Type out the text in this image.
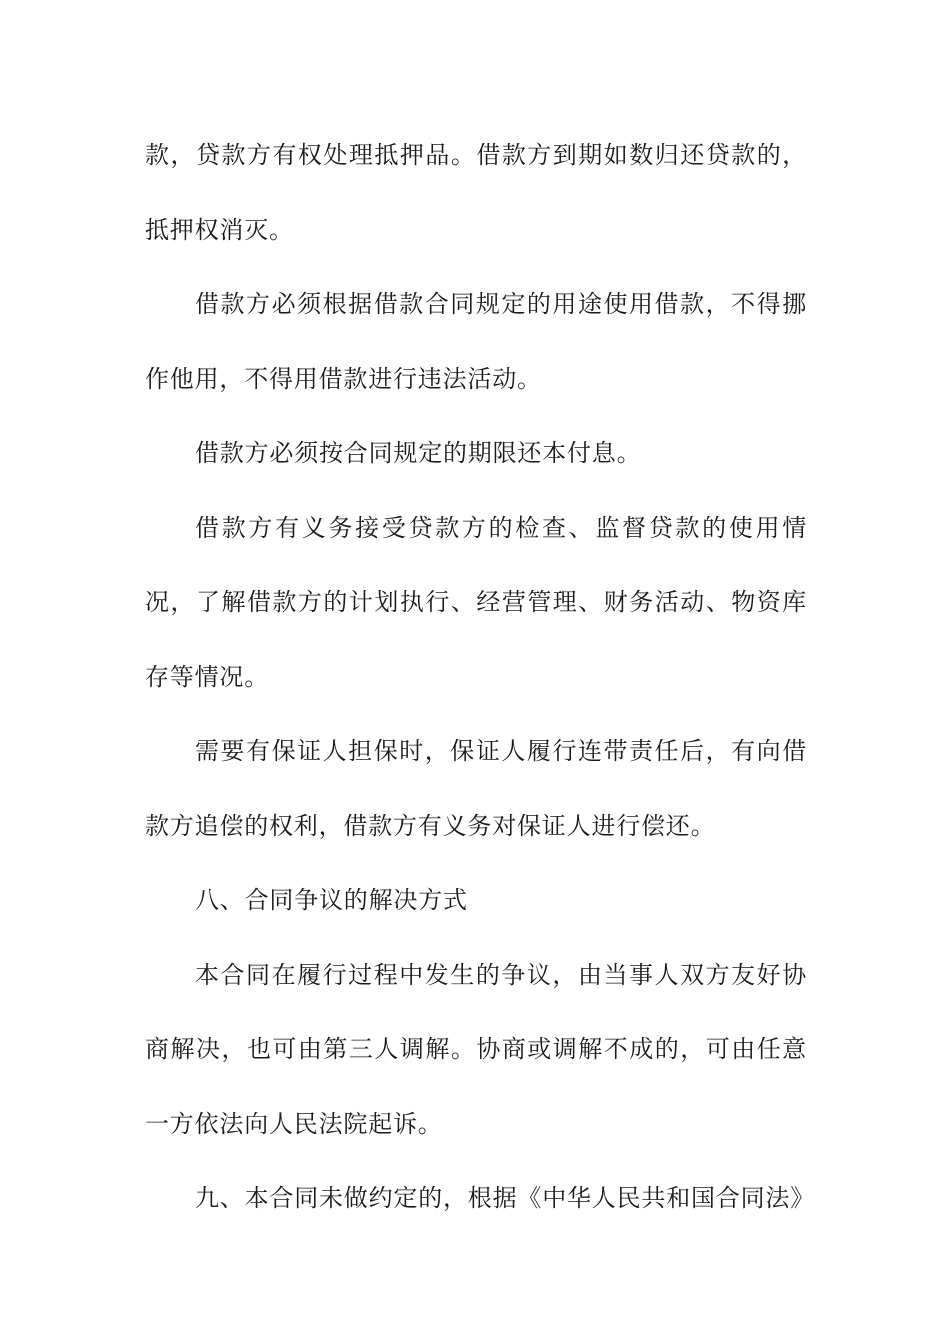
款，贷款方有权处理抵押品。借款方到期如数归还贷款的，抵押权消灭。

借款方必须根据借款合同规定的用途使用借款，不得挪作他用，不得用借款进行违法活动。

借款方必须按合同规定的期限还本付息。

借款方有义务接受贷款方的检查、监督贷款的使用情况，了解借款方的计划执行、经营管理、财务活动、物资库存等情况。

需要有保证人担保时，保证人履行连带责任后，有向借款方追偿的权利，借款方有义务对保证人进行偿还。

八、合同争议的解决方式

本合同在履行过程中发生的争议，由当事人双方友好协商解决，也可由第三人调解。协商或调解不成的，可由任意一方依法向人民法院起诉。

九、本合同未做约定的，根据《中华人民共和国合同法》
